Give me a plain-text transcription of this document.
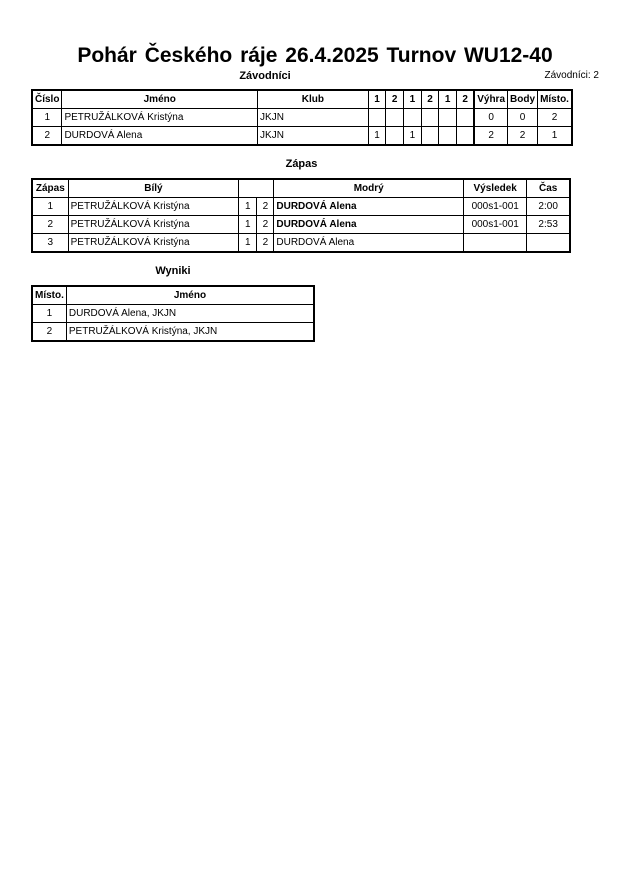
Pohár Českého ráje 26.4.2025 Turnov WU12-40
Závodníci	Závodníci: 2
Číslo	Jméno	Klub	1	2	1	2	1	2	Výhra	Body	Místo.
1	PETRUŽÁLKOVÁ Kristýna	JKJN							0	0	2
2	DURDOVÁ Alena	JKJN	1		1				2	2	1
Zápas
Zápas	Bílý			Modrý	Výsledek	Čas
1	PETRUŽÁLKOVÁ Kristýna	1	2	DURDOVÁ Alena	000s1-001	2:00
2	PETRUŽÁLKOVÁ Kristýna	1	2	DURDOVÁ Alena	000s1-001	2:53
3	PETRUŽÁLKOVÁ Kristýna	1	2	DURDOVÁ Alena		
Wyniki
Místo.	Jméno
1	DURDOVÁ Alena, JKJN
2	PETRUŽÁLKOVÁ Kristýna, JKJN
